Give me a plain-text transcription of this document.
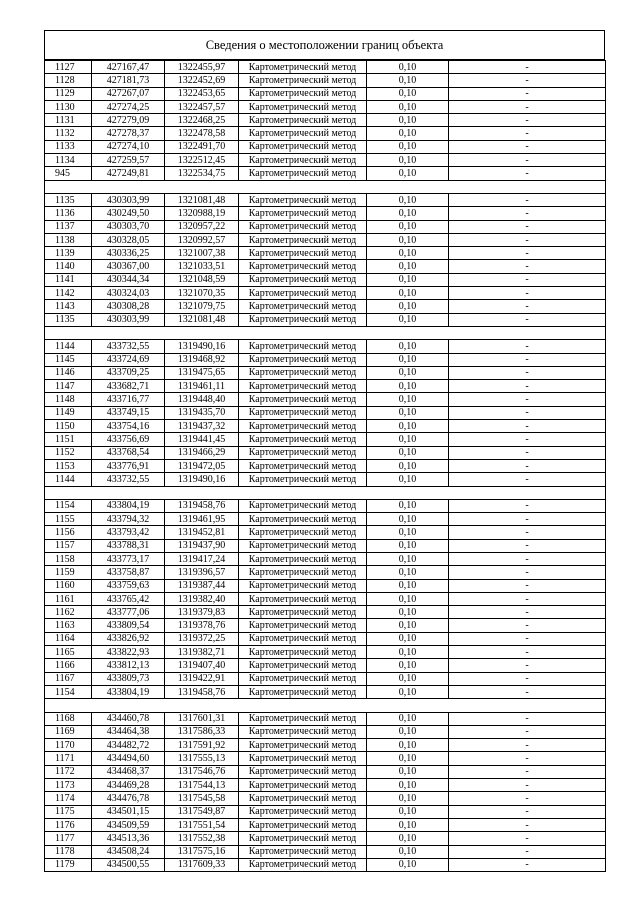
Сведения о местоположении границ объекта
1127	427167,47	1322455,97	Картометрический метод	0,10	-
1128	427181,73	1322452,69	Картометрический метод	0,10	-
1129	427267,07	1322453,65	Картометрический метод	0,10	-
1130	427274,25	1322457,57	Картометрический метод	0,10	-
1131	427279,09	1322468,25	Картометрический метод	0,10	-
1132	427278,37	1322478,58	Картометрический метод	0,10	-
1133	427274,10	1322491,70	Картометрический метод	0,10	-
1134	427259,57	1322512,45	Картометрический метод	0,10	-
945	427249,81	1322534,75	Картометрический метод	0,10	-

1135	430303,99	1321081,48	Картометрический метод	0,10	-
1136	430249,50	1320988,19	Картометрический метод	0,10	-
1137	430303,70	1320957,22	Картометрический метод	0,10	-
1138	430328,05	1320992,57	Картометрический метод	0,10	-
1139	430336,25	1321007,38	Картометрический метод	0,10	-
1140	430367,00	1321033,51	Картометрический метод	0,10	-
1141	430344,34	1321048,59	Картометрический метод	0,10	-
1142	430324,03	1321070,35	Картометрический метод	0,10	-
1143	430308,28	1321079,75	Картометрический метод	0,10	-
1135	430303,99	1321081,48	Картометрический метод	0,10	-

1144	433732,55	1319490,16	Картометрический метод	0,10	-
1145	433724,69	1319468,92	Картометрический метод	0,10	-
1146	433709,25	1319475,65	Картометрический метод	0,10	-
1147	433682,71	1319461,11	Картометрический метод	0,10	-
1148	433716,77	1319448,40	Картометрический метод	0,10	-
1149	433749,15	1319435,70	Картометрический метод	0,10	-
1150	433754,16	1319437,32	Картометрический метод	0,10	-
1151	433756,69	1319441,45	Картометрический метод	0,10	-
1152	433768,54	1319466,29	Картометрический метод	0,10	-
1153	433776,91	1319472,05	Картометрический метод	0,10	-
1144	433732,55	1319490,16	Картометрический метод	0,10	-

1154	433804,19	1319458,76	Картометрический метод	0,10	-
1155	433794,32	1319461,95	Картометрический метод	0,10	-
1156	433793,42	1319452,81	Картометрический метод	0,10	-
1157	433788,31	1319437,90	Картометрический метод	0,10	-
1158	433773,17	1319417,24	Картометрический метод	0,10	-
1159	433758,87	1319396,57	Картометрический метод	0,10	-
1160	433759,63	1319387,44	Картометрический метод	0,10	-
1161	433765,42	1319382,40	Картометрический метод	0,10	-
1162	433777,06	1319379,83	Картометрический метод	0,10	-
1163	433809,54	1319378,76	Картометрический метод	0,10	-
1164	433826,92	1319372,25	Картометрический метод	0,10	-
1165	433822,93	1319382,71	Картометрический метод	0,10	-
1166	433812,13	1319407,40	Картометрический метод	0,10	-
1167	433809,73	1319422,91	Картометрический метод	0,10	-
1154	433804,19	1319458,76	Картометрический метод	0,10	-

1168	434460,78	1317601,31	Картометрический метод	0,10	-
1169	434464,38	1317586,33	Картометрический метод	0,10	-
1170	434482,72	1317591,92	Картометрический метод	0,10	-
1171	434494,60	1317555,13	Картометрический метод	0,10	-
1172	434468,37	1317546,76	Картометрический метод	0,10	-
1173	434469,28	1317544,13	Картометрический метод	0,10	-
1174	434476,78	1317545,58	Картометрический метод	0,10	-
1175	434501,15	1317549,87	Картометрический метод	0,10	-
1176	434509,59	1317551,54	Картометрический метод	0,10	-
1177	434513,36	1317552,38	Картометрический метод	0,10	-
1178	434508,24	1317575,16	Картометрический метод	0,10	-
1179	434500,55	1317609,33	Картометрический метод	0,10	-
